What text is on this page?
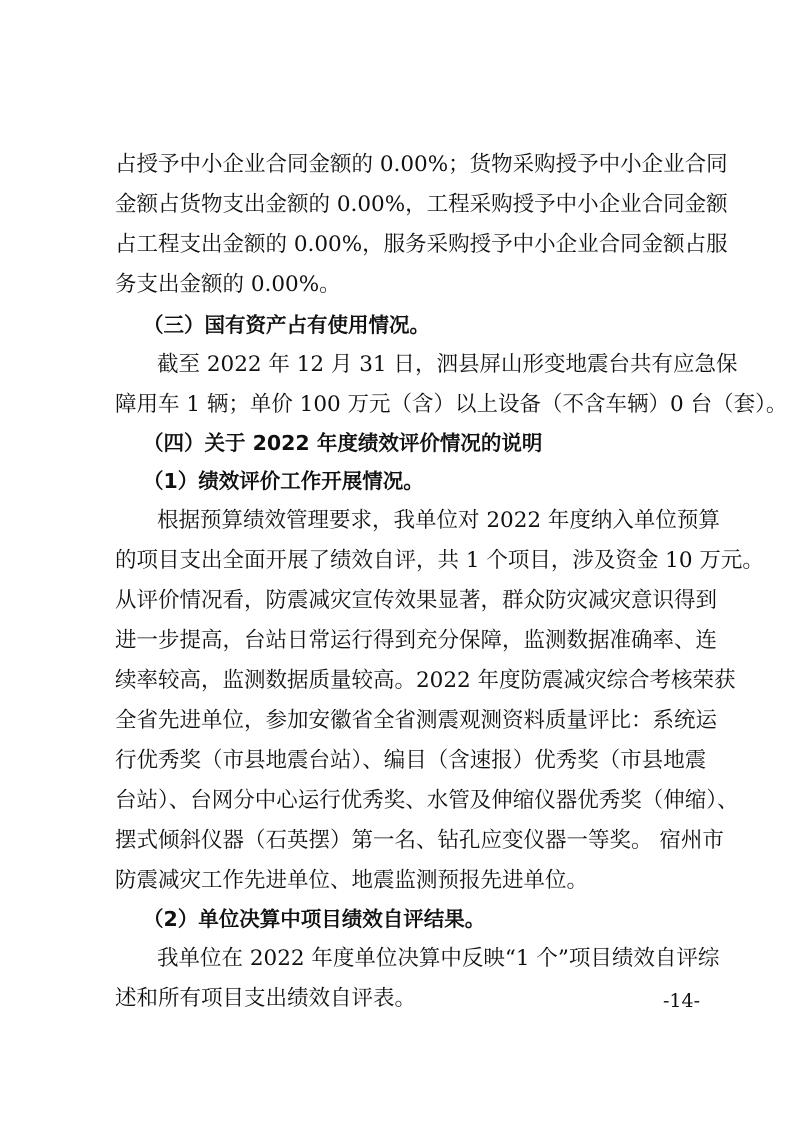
占授予中小企业合同金额的 0.00%；货物采购授予中小企业合同
金额占货物支出金额的 0.00%，工程采购授予中小企业合同金额
占工程支出金额的 0.00%，服务采购授予中小企业合同金额占服
务支出金额的 0.00%。
（三）国有资产占有使用情况。
截至 2022 年 12 月 31 日，泗县屏山形变地震台共有应急保
障用车 1 辆；单价 100 万元（含）以上设备（不含车辆）0 台（套）。
（四）关于 2022 年度绩效评价情况的说明
（1）绩效评价工作开展情况。
根据预算绩效管理要求，我单位对 2022 年度纳入单位预算
的项目支出全面开展了绩效自评，共 1 个项目，涉及资金 10 万元。
从评价情况看，防震减灾宣传效果显著，群众防灾减灾意识得到
进一步提高，台站日常运行得到充分保障，监测数据准确率、连
续率较高，监测数据质量较高。2022 年度防震减灾综合考核荣获
全省先进单位，参加安徽省全省测震观测资料质量评比：系统运
行优秀奖（市县地震台站）、编目（含速报）优秀奖（市县地震
台站）、台网分中心运行优秀奖、水管及伸缩仪器优秀奖（伸缩）、
摆式倾斜仪器（石英摆）第一名、钻孔应变仪器一等奖。 宿州市
防震减灾工作先进单位、地震监测预报先进单位。
（2）单位决算中项目绩效自评结果。
我单位在 2022 年度单位决算中反映“1 个”项目绩效自评综
述和所有项目支出绩效自评表。	-14-
